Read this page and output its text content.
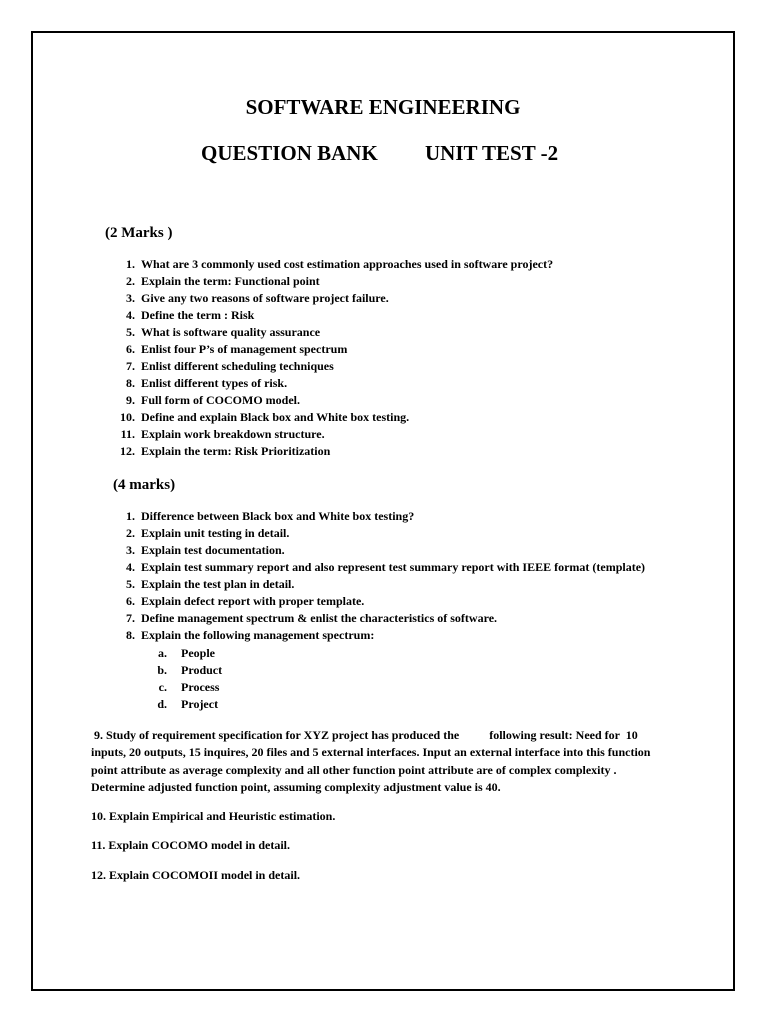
SOFTWARE ENGINEERING
QUESTION BANK UNIT TEST -2
(2 Marks )
1. What are 3 commonly used cost estimation approaches used in software project?
2. Explain the term: Functional point
3. Give any two reasons of software project failure.
4. Define the term : Risk
5. What is software quality assurance
6. Enlist four P’s of management spectrum
7. Enlist different scheduling techniques
8. Enlist different types of risk.
9. Full form of COCOMO model.
10. Define and explain Black box and White box testing.
11. Explain work breakdown structure.
12. Explain the term: Risk Prioritization
(4 marks)
1. Difference between Black box and White box testing?
2. Explain unit testing in detail.
3. Explain test documentation.
4. Explain test summary report and also represent test summary report with IEEE format (template)
5. Explain the test plan in detail.
6. Explain defect report with proper template.
7. Define management spectrum & enlist the characteristics of software.
8. Explain the following management spectrum:
a. People
b. Product
c. Process
d. Project
9. Study of requirement specification for XYZ project has produced the          following result: Need for  10
inputs, 20 outputs, 15 inquires, 20 files and 5 external interfaces. Input an external interface into this function
point attribute as average complexity and all other function point attribute are of complex complexity .
Determine adjusted function point, assuming complexity adjustment value is 40.
10. Explain Empirical and Heuristic estimation.
11. Explain COCOMO model in detail.
12. Explain COCOMOII model in detail.
